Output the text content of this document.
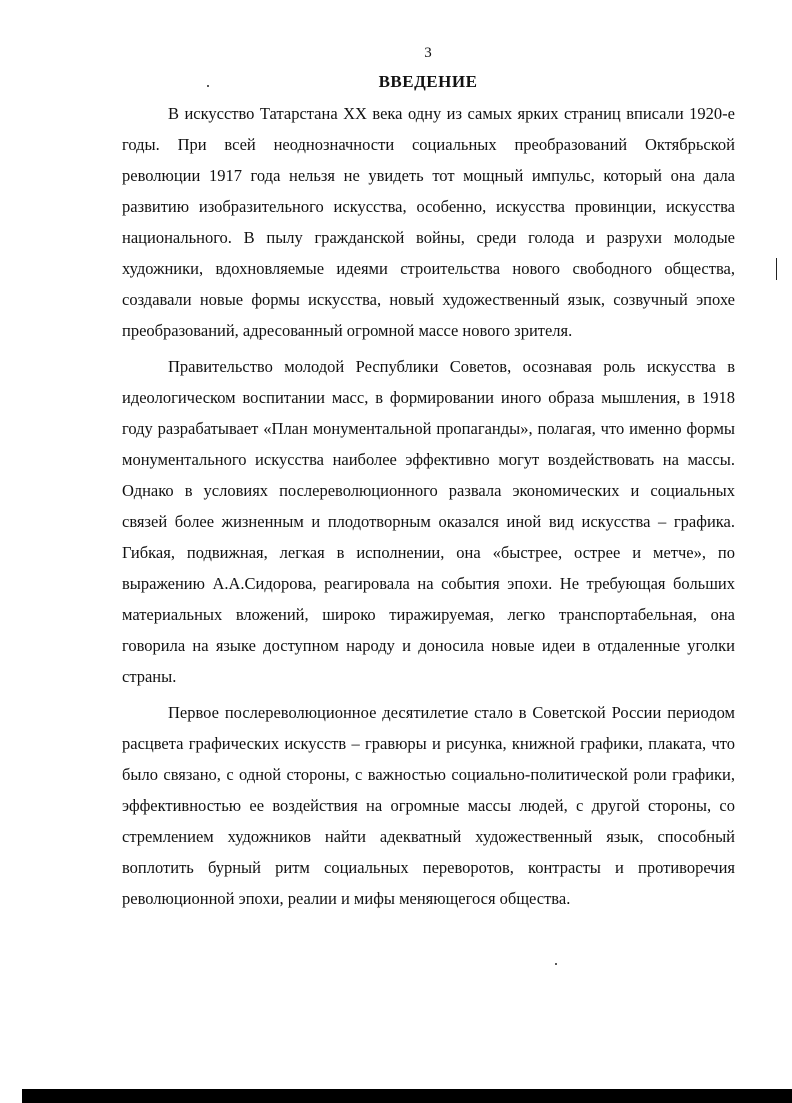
3
ВВЕДЕНИЕ

В искусство Татарстана XX века одну из самых ярких страниц вписали 1920-е годы. При всей неоднозначности социальных преобразований Октябрьской революции 1917 года нельзя не увидеть тот мощный импульс, который она дала развитию изобразительного искусства, особенно, искусства провинции, искусства национального. В пылу гражданской войны, среди голода и разрухи молодые художники, вдохновляемые идеями строительства нового свободного общества, создавали новые формы искусства, новый художественный язык, созвучный эпохе преобразований, адресованный огромной массе нового зрителя.

Правительство молодой Республики Советов, осознавая роль искусства в идеологическом воспитании масс, в формировании иного образа мышления, в 1918 году разрабатывает «План монументальной пропаганды», полагая, что именно формы монументального искусства наиболее эффективно могут воздействовать на массы. Однако в условиях послереволюционного развала экономических и социальных связей более жизненным и плодотворным оказался иной вид искусства – графика. Гибкая, подвижная, легкая в исполнении, она «быстрее, острее и метче», по выражению А.А.Сидорова, реагировала на события эпохи. Не требующая больших материальных вложений, широко тиражируемая, легко транспортабельная, она говорила на языке доступном народу и доносила новые идеи в отдаленные уголки страны.

Первое послереволюционное десятилетие стало в Советской России периодом расцвета графических искусств – гравюры и рисунка, книжной графики, плаката, что было связано, с одной стороны, с важностью социально-политической роли графики, эффективностью ее воздействия на огромные массы людей, с другой стороны, со стремлением художников найти адекватный художественный язык, способный воплотить бурный ритм социальных переворотов, контрасты и противоречия революционной эпохи, реалии и мифы меняющегося общества.
